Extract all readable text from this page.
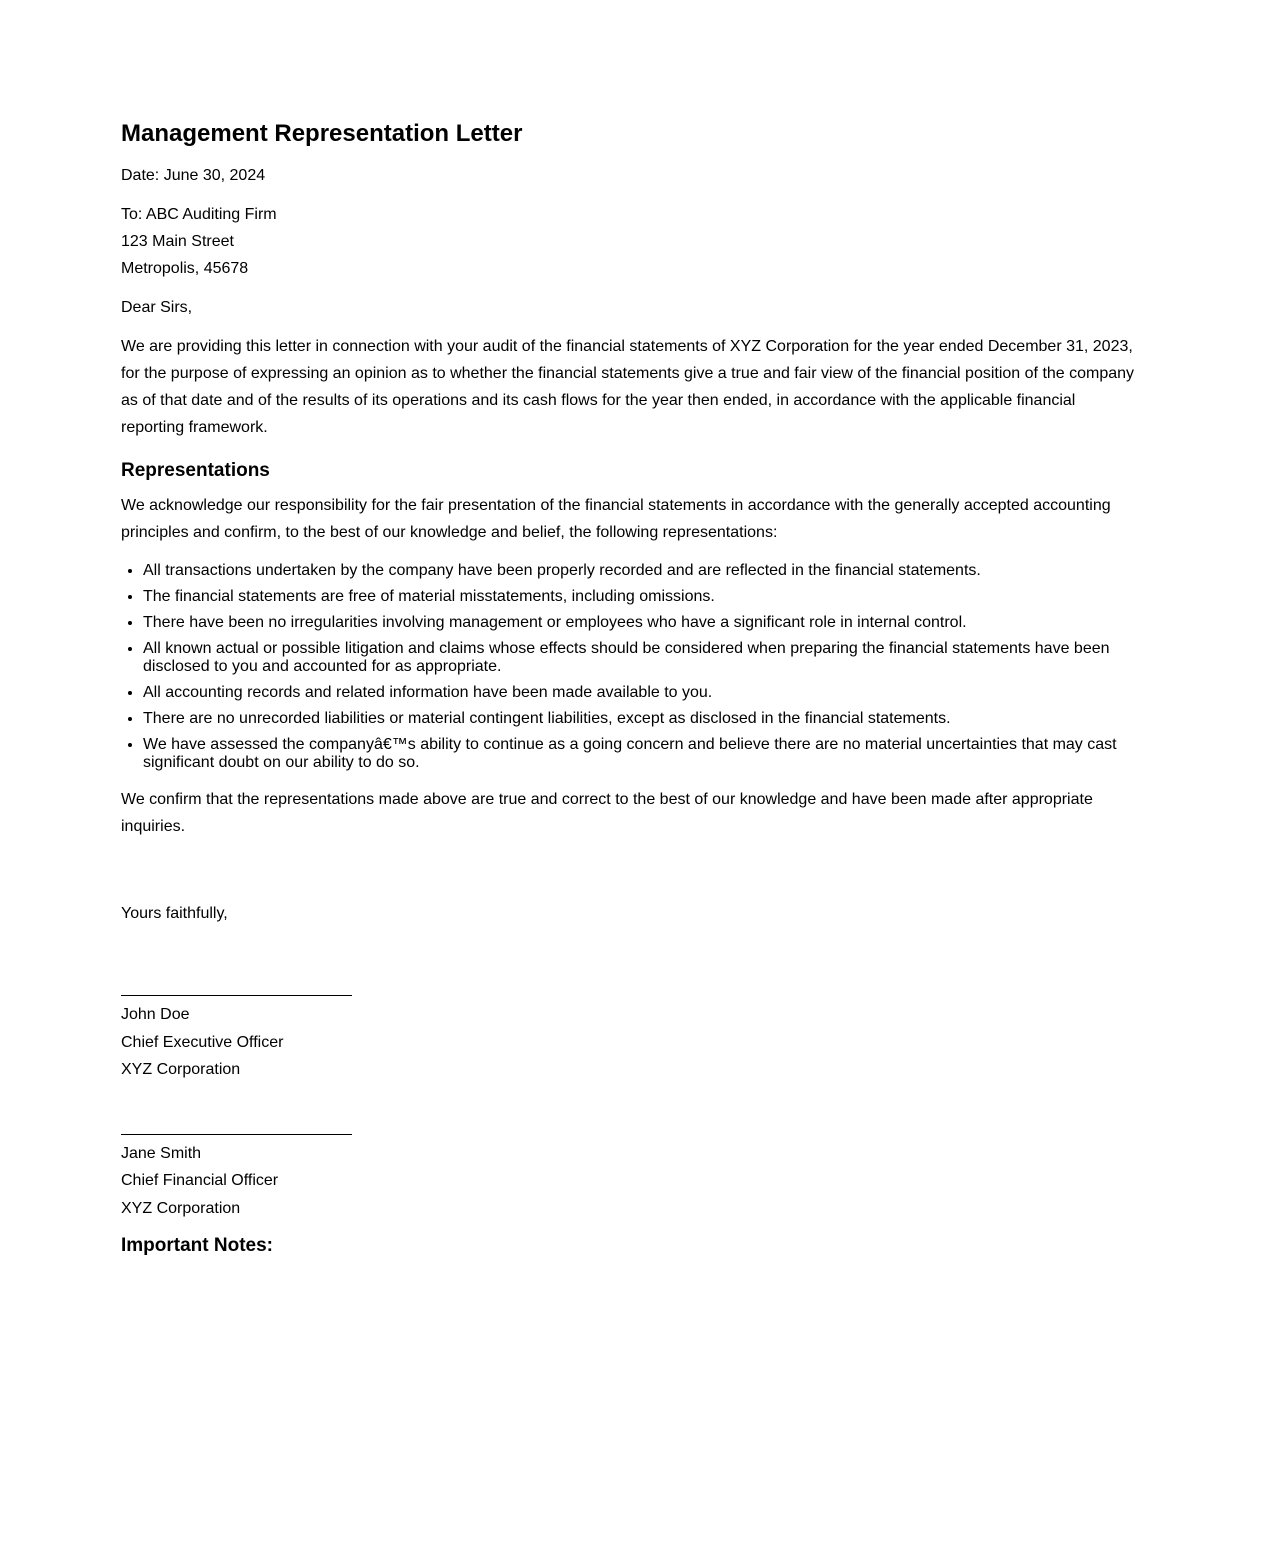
Management Representation Letter

Date: June 30, 2024

To: ABC Auditing Firm
123 Main Street
Metropolis, 45678

Dear Sirs,

We are providing this letter in connection with your audit of the financial statements of XYZ Corporation for the year ended December 31, 2023, for the purpose of expressing an opinion as to whether the financial statements give a true and fair view of the financial position of the company as of that date and of the results of its operations and its cash flows for the year then ended, in accordance with the applicable financial reporting framework.

Representations

We acknowledge our responsibility for the fair presentation of the financial statements in accordance with the generally accepted accounting principles and confirm, to the best of our knowledge and belief, the following representations:

• All transactions undertaken by the company have been properly recorded and are reflected in the financial statements.
• The financial statements are free of material misstatements, including omissions.
• There have been no irregularities involving management or employees who have a significant role in internal control.
• All known actual or possible litigation and claims whose effects should be considered when preparing the financial statements have been disclosed to you and accounted for as appropriate.
• All accounting records and related information have been made available to you.
• There are no unrecorded liabilities or material contingent liabilities, except as disclosed in the financial statements.
• We have assessed the companyâ€™s ability to continue as a going concern and believe there are no material uncertainties that may cast significant doubt on our ability to do so.

We confirm that the representations made above are true and correct to the best of our knowledge and have been made after appropriate inquiries.

Yours faithfully,

John Doe
Chief Executive Officer
XYZ Corporation
Jane Smith
Chief Financial Officer
XYZ Corporation
Important Notes:
